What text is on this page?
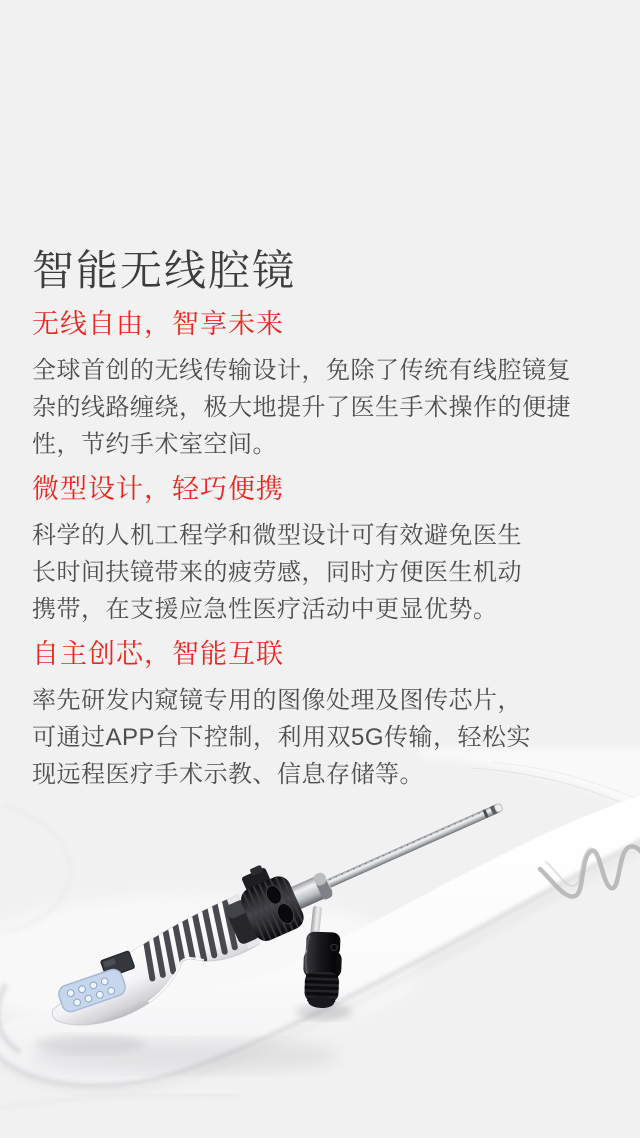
智能无线腔镜
无线自由，智享未来

全球首创的无线传输设计，免除了传统有线腔镜复
杂的线路缠绕，极大地提升了医生手术操作的便捷
性，节约手术室空间。

微型设计，轻巧便携

科学的人机工程学和微型设计可有效避免医生
长时间扶镜带来的疲劳感，同时方便医生机动
携带，在支援应急性医疗活动中更显优势。

自主创芯，智能互联

率先研发内窥镜专用的图像处理及图传芯片，
可通过APP台下控制，利用双5G传输，轻松实
现远程医疗手术示教、信息存储等。
